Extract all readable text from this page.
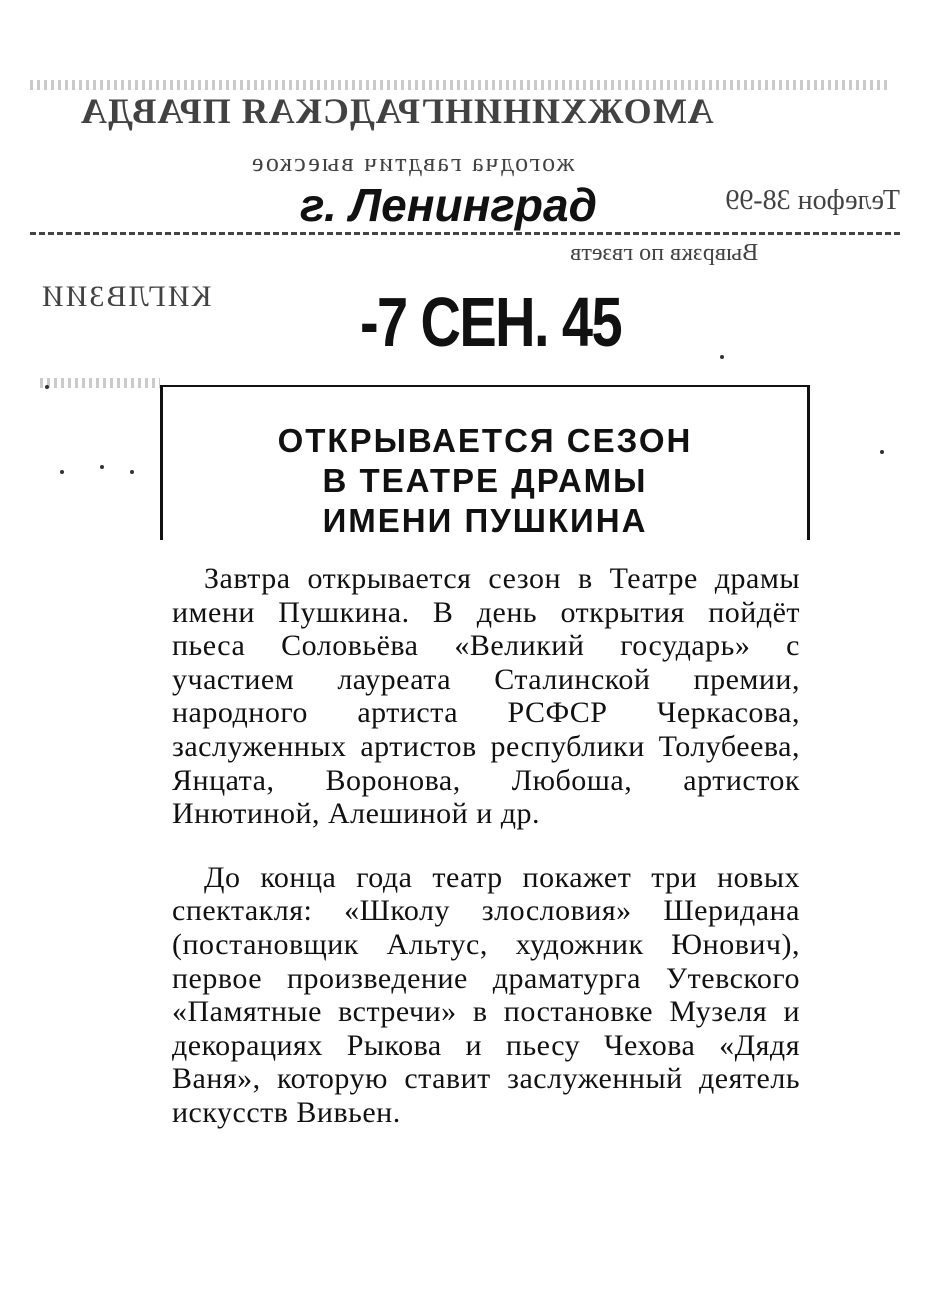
АМОЖХИНИНГРАДСКАЯ ПРАВДА
жогодча гавдтич выеское
Телефон 38-99
г. Ленинград
Выврзкв по гвзетв
КИГЛВЗИИ -7 СЕН. 45
ОТКРЫВАЕТСЯ СЕЗОН
В ТЕАТРЕ ДРАМЫ
ИМЕНИ ПУШКИНА

Завтра открывается сезон в Театре драмы имени Пушкина. В день открытия пойдёт пьеса Соловьёва «Великий государь» с участием лауреата Сталинской премии, народного артиста РСФСР Черкасова, заслуженных артистов республики Толубеева, Янцата, Воронова, Любоша, артисток Инютиной, Алешиной и др.

До конца года театр покажет три новых спектакля: «Школу злословия» Шеридана (постановщик Альтус, художник Юнович), первое произведение драматурга Утевского «Памятные встречи» в постановке Музеля и декорациях Рыкова и пьесу Чехова «Дядя Ваня», которую ставит заслуженный деятель искусств Вивьен.
